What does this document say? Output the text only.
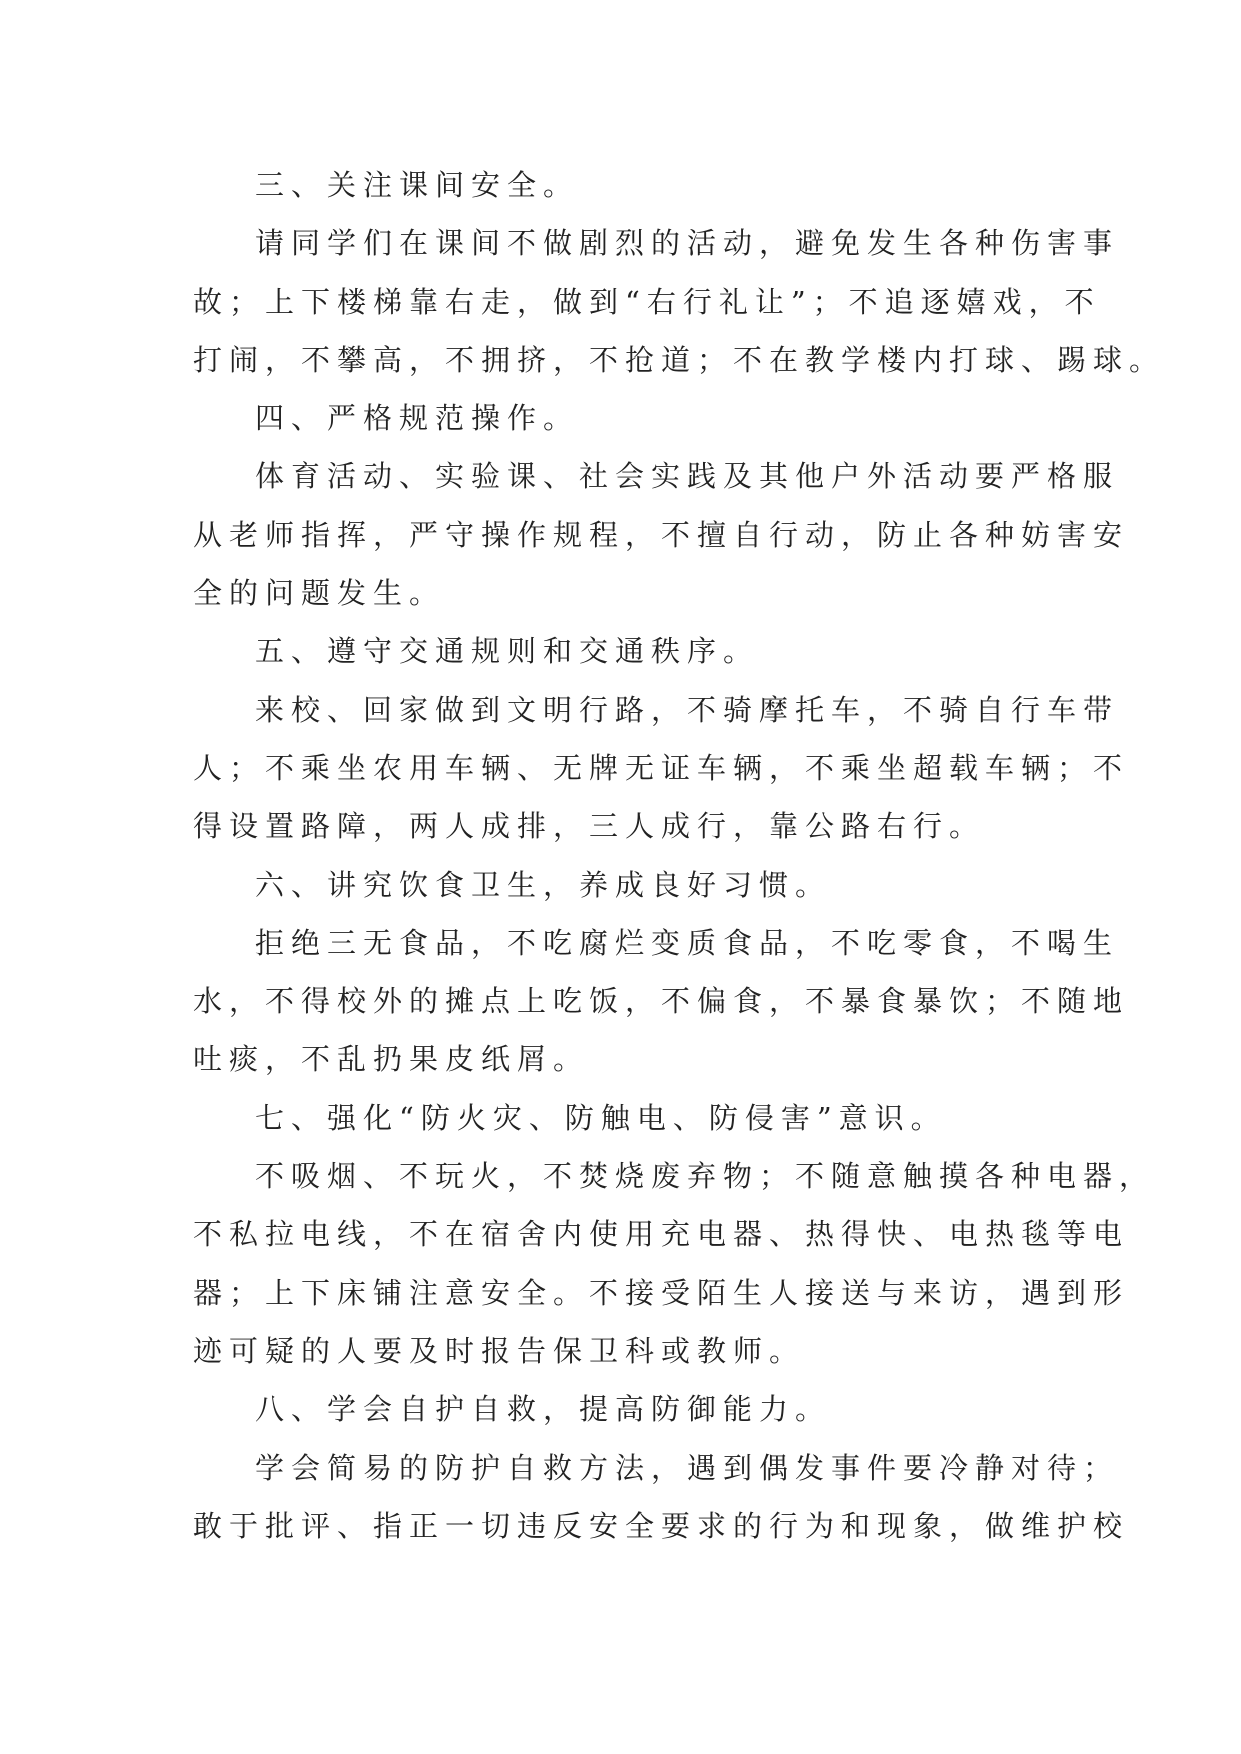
三、关注课间安全。
请同学们在课间不做剧烈的活动，避免发生各种伤害事
故；上下楼梯靠右走，做到“右行礼让”；不追逐嬉戏，不
打闹，不攀高，不拥挤，不抢道；不在教学楼内打球、踢球。
四、严格规范操作。
体育活动、实验课、社会实践及其他户外活动要严格服
从老师指挥，严守操作规程，不擅自行动，防止各种妨害安
全的问题发生。
五、遵守交通规则和交通秩序。
来校、回家做到文明行路，不骑摩托车，不骑自行车带
人；不乘坐农用车辆、无牌无证车辆，不乘坐超载车辆；不
得设置路障，两人成排，三人成行，靠公路右行。
六、讲究饮食卫生，养成良好习惯。
拒绝三无食品，不吃腐烂变质食品，不吃零食，不喝生
水，不得校外的摊点上吃饭，不偏食，不暴食暴饮；不随地
吐痰，不乱扔果皮纸屑。
七、强化“防火灾、防触电、防侵害”意识。
不吸烟、不玩火，不焚烧废弃物；不随意触摸各种电器，
不私拉电线，不在宿舍内使用充电器、热得快、电热毯等电
器；上下床铺注意安全。不接受陌生人接送与来访，遇到形
迹可疑的人要及时报告保卫科或教师。
八、学会自护自救，提高防御能力。
学会简易的防护自救方法，遇到偶发事件要冷静对待；
敢于批评、指正一切违反安全要求的行为和现象，做维护校
